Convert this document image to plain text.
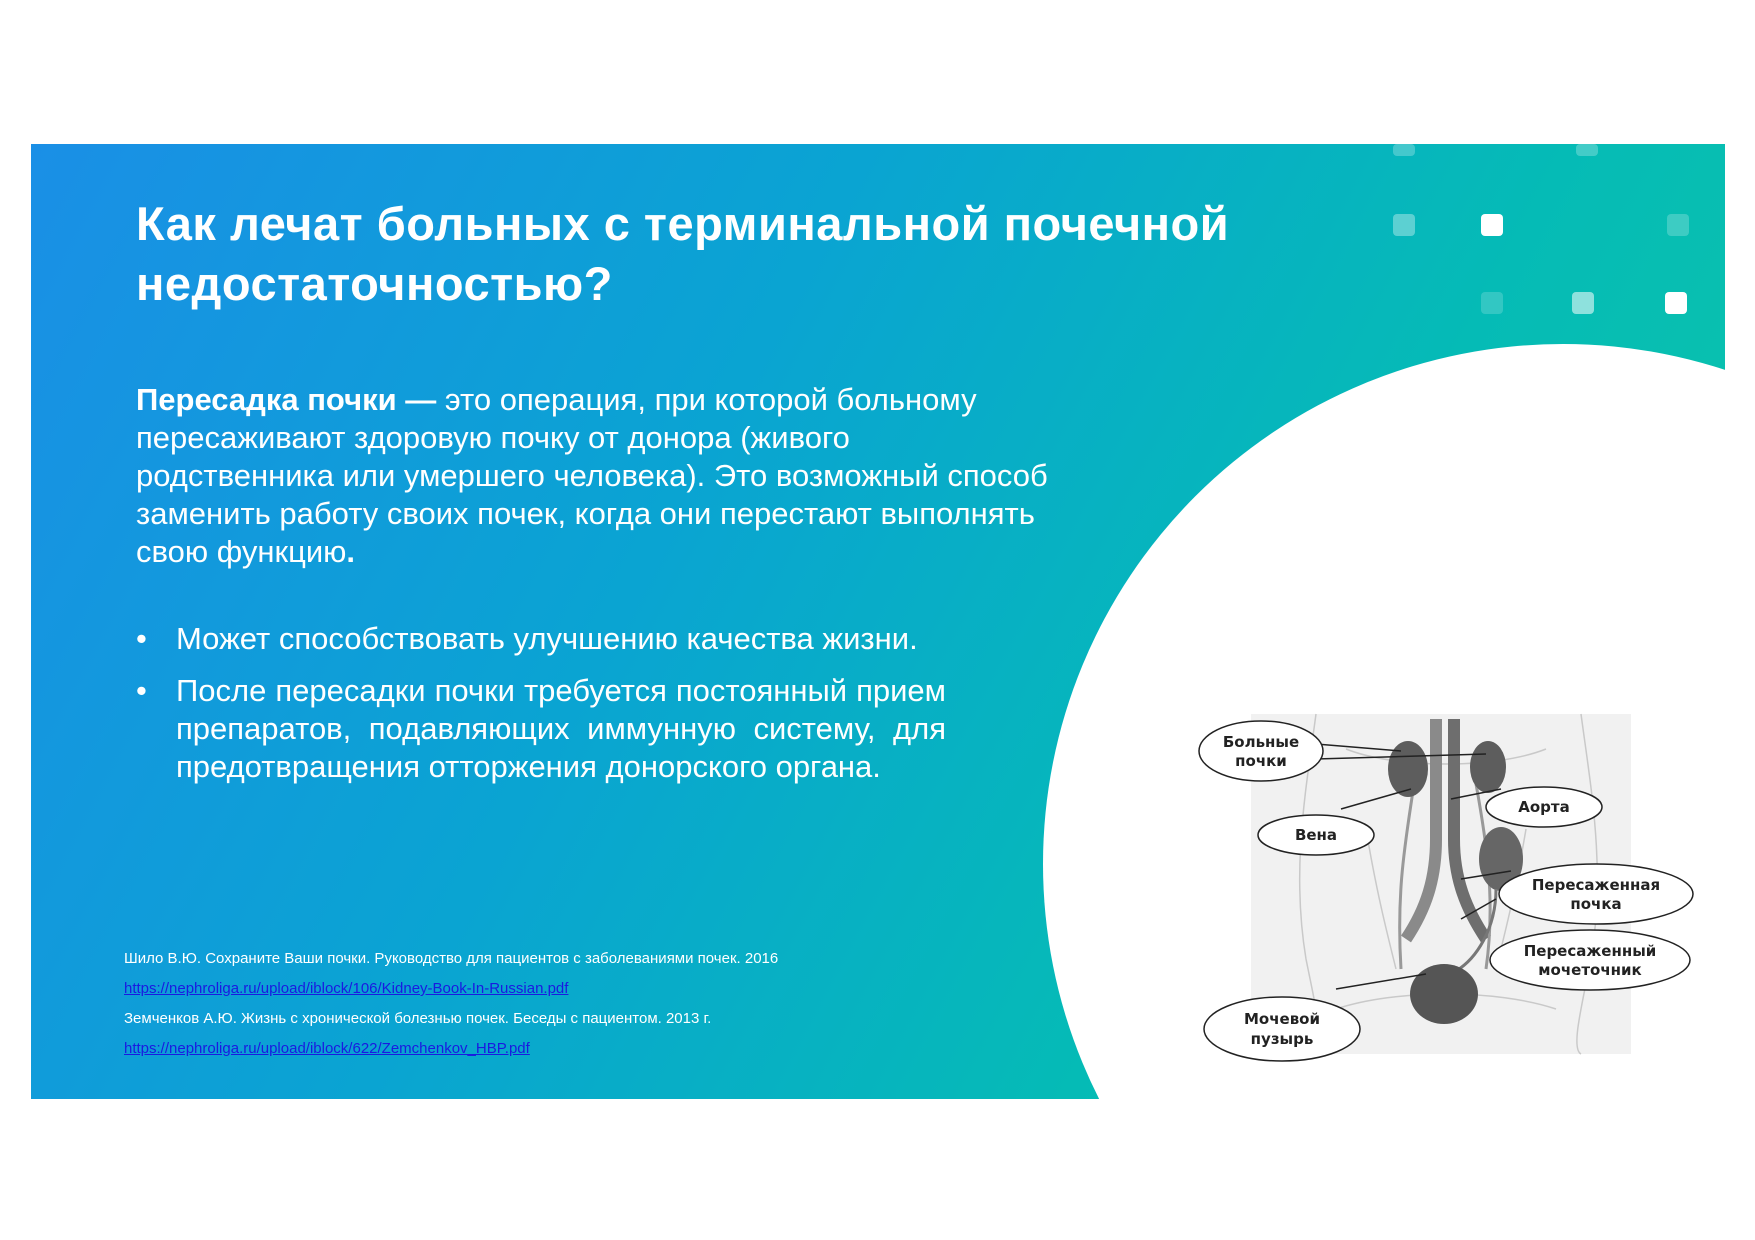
Как лечат больных с терминальной почечной недостаточностью?

Пересадка почки — это операция, при которой больному пересаживают здоровую почку от донора (живого родственника или умершего человека). Это возможный способ заменить работу своих почек, когда они перестают выполнять свою функцию.

• Может способствовать улучшению качества жизни.
• После пересадки почки требуется постоянный прием препаратов, подавляющих иммунную систему, для предотвращения отторжения донорского органа.
Шило В.Ю. Сохраните Ваши почки. Руководство для пациентов с заболеваниями почек. 2016
https://nephroliga.ru/upload/iblock/106/Kidney-Book-In-Russian.pdf
Земченков А.Ю. Жизнь с хронической болезнью почек. Беседы с пациентом. 2013 г.
https://nephroliga.ru/upload/iblock/622/Zemchenkov_HBP.pdf
Больные
почки
Аорта
Вена
Пересаженная
почка
Пересаженный
мочеточник
Мочевой
пузырь
